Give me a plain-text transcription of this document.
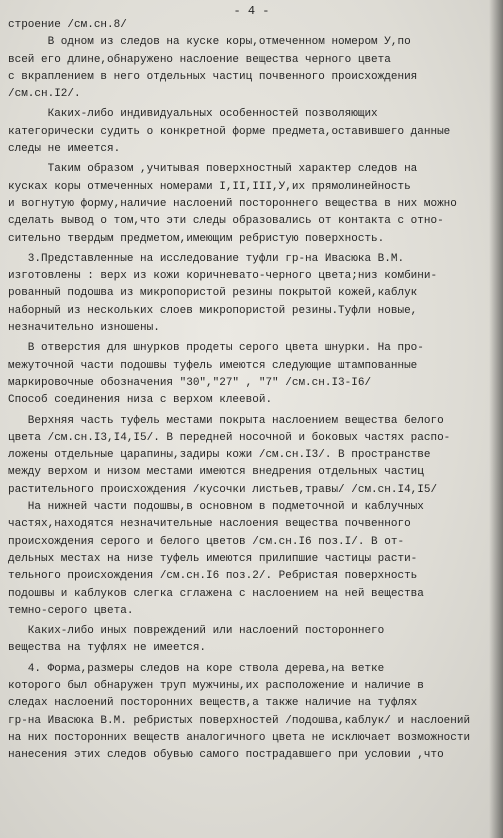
- 4 -
строение /см.сн.8/
В одном из следов на куске коры,отмеченном номером У,по
всей его длине,обнаружено наслоение вещества черного цвета
с вкраплением в него отдельных частиц почвенного происхождения
/см.сн.I2/.
Каких-либо индивидуальных особенностей позволяющих
категорически судить о конкретной форме предмета,оставившего данные
следы не имеется.
Таким образом ,учитывая поверхностный характер следов на
кусках коры отмеченных номерами I,II,III,У,их прямолинейность
и вогнутую форму,наличие наслоений постороннего вещества в них можно
сделать вывод о том,что эти следы образовались от контакта с отно-
сительно твердым предметом,имеющим ребристую поверхность.
3.Представленные на исследование туфли гр-на Ивасюка В.М.
изготовлены : верх из кожи коричневато-черного цвета;низ комбини-
рованный подошва из микропористой резины покрытой кожей,каблук
наборный из нескольких слоев микропористой резины.Туфли новые,
незначительно изношены.
В отверстия для шнурков продеты серого цвета шнурки. На про-
межуточной части подошвы туфель имеются следующие штампованные
маркировочные обозначения "30","27" , "7" /см.сн.I3-I6/
Способ соединения низа с верхом клеевой.
Верхняя часть туфель местами покрыта наслоением вещества белого
цвета /см.сн.I3,I4,I5/. В передней носочной и боковых частях распо-
ложены отдельные царапины,задиры кожи /см.сн.I3/. В пространстве
между верхом и низом местами имеются внедрения отдельных частиц
растительного происхождения /кусочки листьев,травы/ /см.сн.I4,I5/
На нижней части подошвы,в основном в подметочной и каблучных
частях,находятся незначительные наслоения вещества почвенного
происхождения серого и белого цветов /см.сн.I6 поз.I/. В от-
дельных местах на низе туфель имеются прилипшие частицы расти-
тельного происхождения /см.сн.I6 поз.2/. Ребристая поверхность
подошвы и каблуков слегка сглажена с наслоением на ней вещества
темно-серого цвета.
Каких-либо иных повреждений или наслоений постороннего
вещества на туфлях не имеется.
4. Форма,размеры следов на коре ствола дерева,на ветке
которого был обнаружен труп мужчины,их расположение и наличие в
следах наслоений посторонних веществ,а также наличие на туфлях
гр-на Ивасюка В.М. ребристых поверхностей /подошва,каблук/ и наслоений
на них посторонних веществ аналогичного цвета не исключает возможности
нанесения этих следов обувью самого пострадавшего при условии ,что
